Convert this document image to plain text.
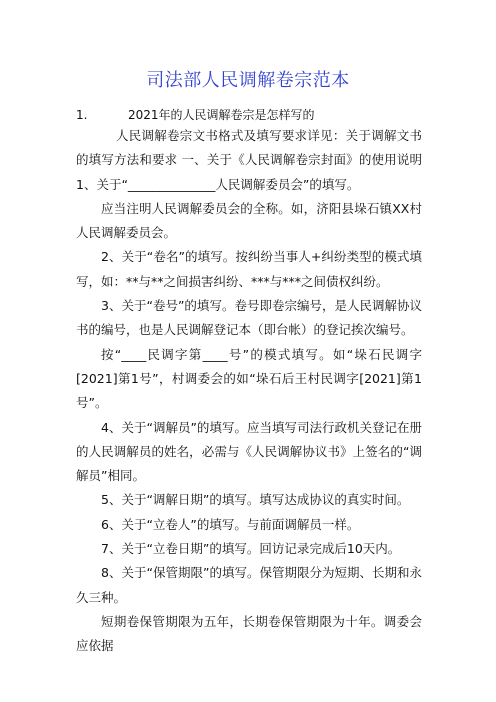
司法部人民调解卷宗范本
1.	2021年的人民调解卷宗是怎样写的

人民调解卷宗文书格式及填写要求详见：关于调解文书的填写方法和要求 一、关于《人民调解卷宗封面》的使用说明 1、关于“______________人民调解委员会”的填写。

应当注明人民调解委员会的全称。如，济阳县垛石镇XX村人民调解委员会。

2、关于“卷名”的填写。按纠纷当事人+纠纷类型的模式填写，如：**与**之间损害纠纷、***与***之间债权纠纷。

3、关于“卷号”的填写。卷号即卷宗编号，是人民调解协议书的编号，也是人民调解登记本（即台帐）的登记挨次编号。

按“____民调字第____号”的模式填写。如“垛石民调字[2021]第1号”，村调委会的如“垛石后王村民调字[2021]第1号”。

4、关于“调解员”的填写。应当填写司法行政机关登记在册的人民调解员的姓名，必需与《人民调解协议书》上签名的“调解员”相同。

5、关于“调解日期”的填写。填写达成协议的真实时间。

6、关于“立卷人”的填写。与前面调解员一样。

7、关于“立卷日期”的填写。回访记录完成后10天内。

8、关于“保管期限”的填写。保管期限分为短期、长期和永久三种。

短期卷保管期限为五年，长期卷保管期限为十年。调委会应依据
